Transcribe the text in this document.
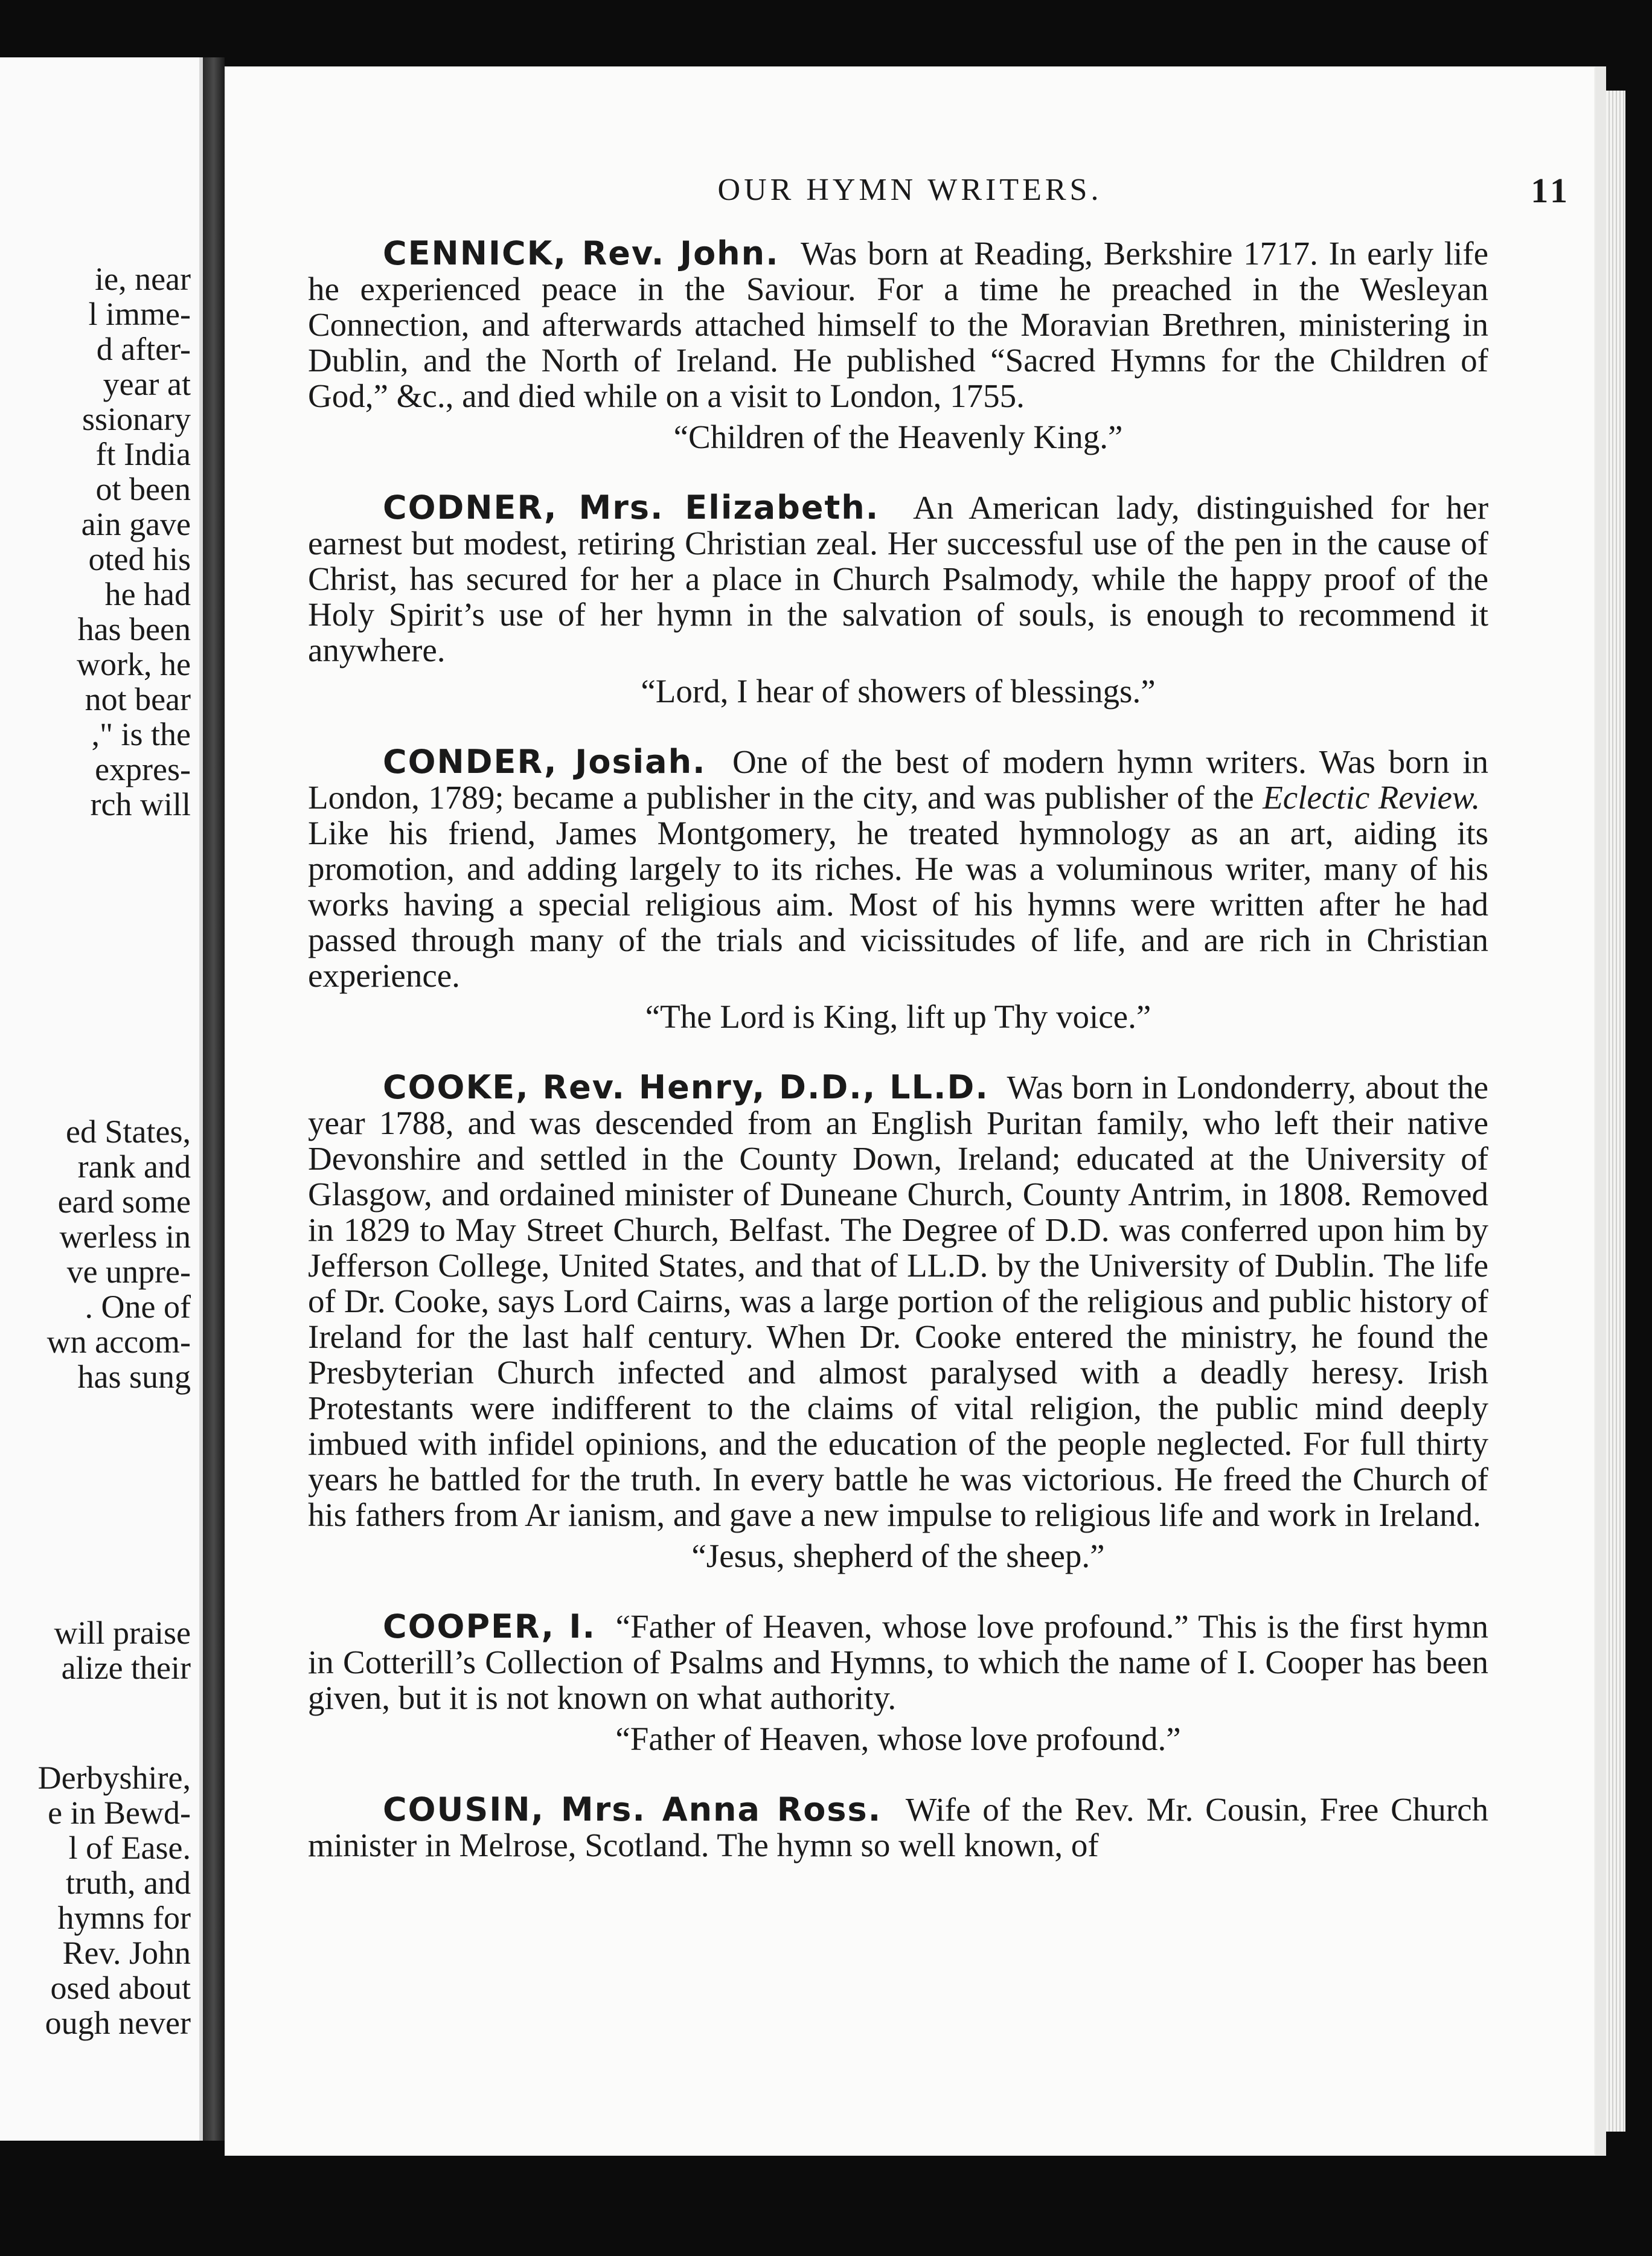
ie, near
l imme-
d after-
year at
ssionary
ft India
ot been
ain gave
oted his
he had
has been
work, he
not bear
," is the
expres-
rch will
ed States,
rank and
eard some
werless in
ve unpre-
. One of
wn accom-
has sung
will praise
alize their
Derbyshire,
e in Bewd-
l of Ease.
truth, and
hymns for
Rev. John
osed about
ough never
OUR HYMN WRITERS.	11

CENNICK, Rev. John. Was born at Reading, Berkshire 1717. In early life he experienced peace in the Saviour. For a time he preached in the Wesleyan Connection, and afterwards attached himself to the Moravian Brethren, ministering in Dublin, and the North of Ireland. He published “Sacred Hymns for the Children of God,” &c., and died while on a visit to London, 1755.

“Children of the Heavenly King.”

CODNER, Mrs. Elizabeth. An American lady, distinguished for her earnest but modest, retiring Christian zeal. Her successful use of the pen in the cause of Christ, has secured for her a place in Church Psalmody, while the happy proof of the Holy Spirit’s use of her hymn in the salvation of souls, is enough to recommend it anywhere.

“Lord, I hear of showers of blessings.”

CONDER, Josiah. One of the best of modern hymn writers. Was born in London, 1789; became a publisher in the city, and was publisher of the Eclectic Review.  Like his friend, James Montgomery, he treated hymnology as an art, aiding its promotion, and adding largely to its riches. He was a voluminous writer, many of his works having a special religious aim. Most of his hymns were written after he had passed through many of the trials and vicissitudes of life, and are rich in Christian experience.

“The Lord is King, lift up Thy voice.”

COOKE, Rev. Henry, D.D., LL.D. Was born in Londonderry, about the year 1788, and was descended from an English Puritan family, who left their native Devonshire and settled in the County Down, Ireland; educated at the University of Glasgow, and ordained minister of Duneane Church, County Antrim, in 1808. Removed in 1829 to May Street Church, Belfast. The Degree of D.D. was conferred upon him by Jefferson College, United States, and that of LL.D. by the University of Dublin. The life of Dr. Cooke, says Lord Cairns, was a large portion of the religious and public history of Ireland for the last half century. When Dr. Cooke entered the ministry, he found the Presbyterian Church infected and almost paralysed with a deadly heresy. Irish Protestants were indifferent to the claims of vital religion, the public mind deeply imbued with infidel opinions, and the education of the people neglected. For full thirty years he battled for the truth. In every battle he was victorious. He freed the Church of his fathers from Ar ianism, and gave a new impulse to religious life and work in Ireland.

“Jesus, shepherd of the sheep.”

COOPER, I. “Father of Heaven, whose love profound.” This is the first hymn in Cotterill’s Collection of Psalms and Hymns, to which the name of I. Cooper has been given, but it is not known on what authority.

“Father of Heaven, whose love profound.”

COUSIN, Mrs. Anna Ross. Wife of the Rev. Mr. Cousin, Free Church minister in Melrose, Scotland. The hymn so well known, of
